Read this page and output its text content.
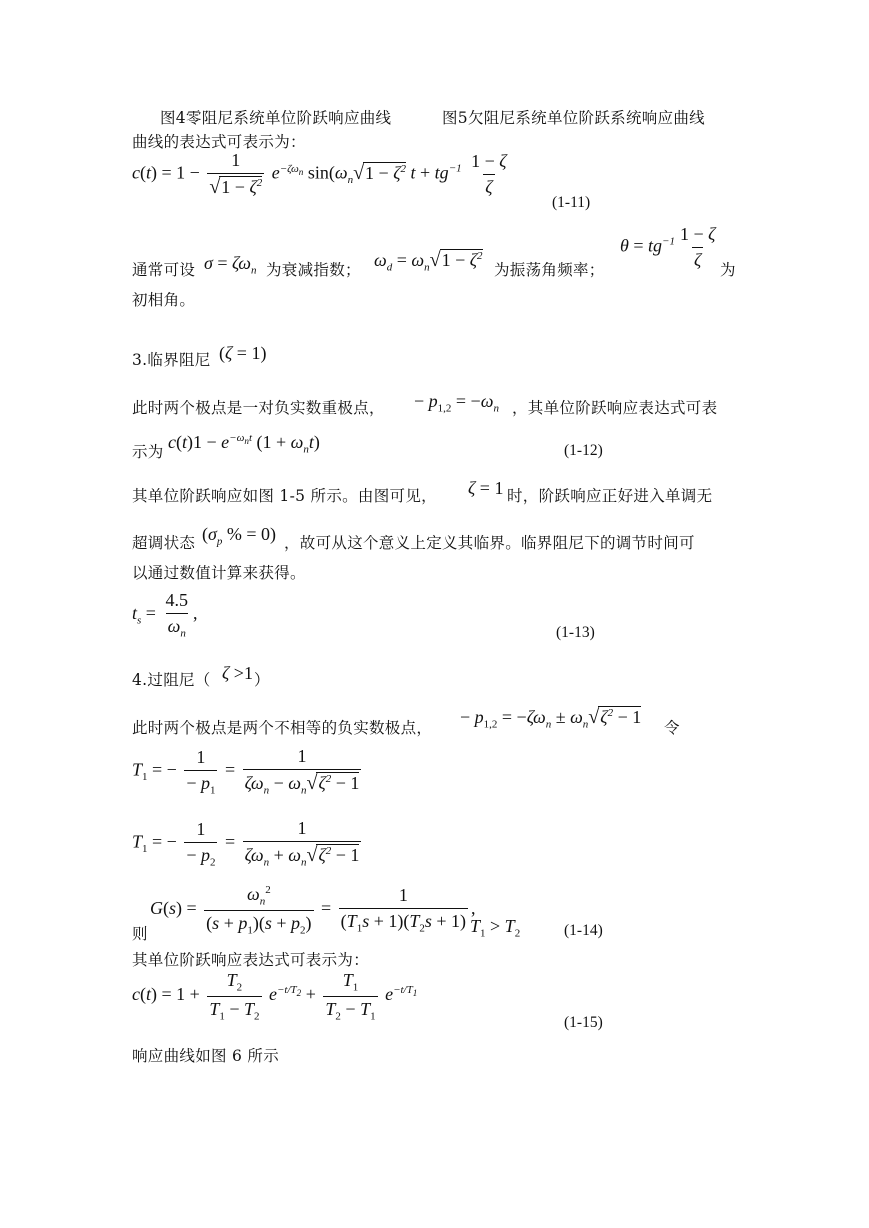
图4零阻尼系统单位阶跃响应曲线	图5欠阻尼系统单位阶跃系统响应曲线
曲线的表达式可表示为：
$c(t) = 1 - \frac{1}{√1 - \zeta^2} e^{-\zeta\omega_n}$ $\sin(\omega_n√1 - \zeta^2$ $t + tg^{-1} \frac{1 - \zeta}{\zeta}$
(1-11)
通常可设 $\sigma = \zeta\omega_n$ 为衰减指数； $\omega_d = \omega_n√1 - \zeta^2$
为振荡角频率；
$\theta = tg^{-1} \frac{1 - \zeta}{\zeta}$ 为
初相角。
3.临界阻尼 (ζ = 1)
此时两个极点是一对负实数重极点， − $p_{1,2} = -\omega_n$ ，其单位阶跃响应表达式可表
示为 $c(t)1 - e^{-\omega_nt}$ $(1 + \omega_nt)$	(1-12)
其单位阶跃响应如图 1-5 所示。由图可见， ζ = 1 时，阶跃响应正好进入单调无
超调状态 ($\sigma_p$ % = 0) ，故可从这个意义上定义其临界。临界阻尼下的调节时间可
以通过数值计算来获得。
$t_s = \frac{4.5}{\omega_n}$ ,
(1-13)
4.过阻尼（ ζ >1 ）
此时两个极点是两个不相等的负实数极点，
− $p_{1,2} = -\zeta\omega_n \pm \omega_n√\zeta^2 - 1$
令
$T_1$ = − $\frac{1}{- p_1} = \frac{1}{\zeta\omega_n - \omega_n√\zeta^2 - 1}$
$T_1$ = − $\frac{1}{- p_2} = \frac{1}{\zeta\omega_n + \omega_n√\zeta^2 - 1}$
则
$G(s) = \frac{\omega_n^2}{(s + p_1)(s + p_2)} = \frac{1}{(T_1s + 1)(T_2s + 1)}$ ,
$T_1 > T_2$	(1-14)
其单位阶跃响应表达式可表示为：
$c(t) = 1 + \frac{T_2}{T_1 - T_2} e^{-t/T_2} + \frac{T_1}{T_2 - T_1} e^{-t/T_1}$
(1-15)
响应曲线如图 6 所示
